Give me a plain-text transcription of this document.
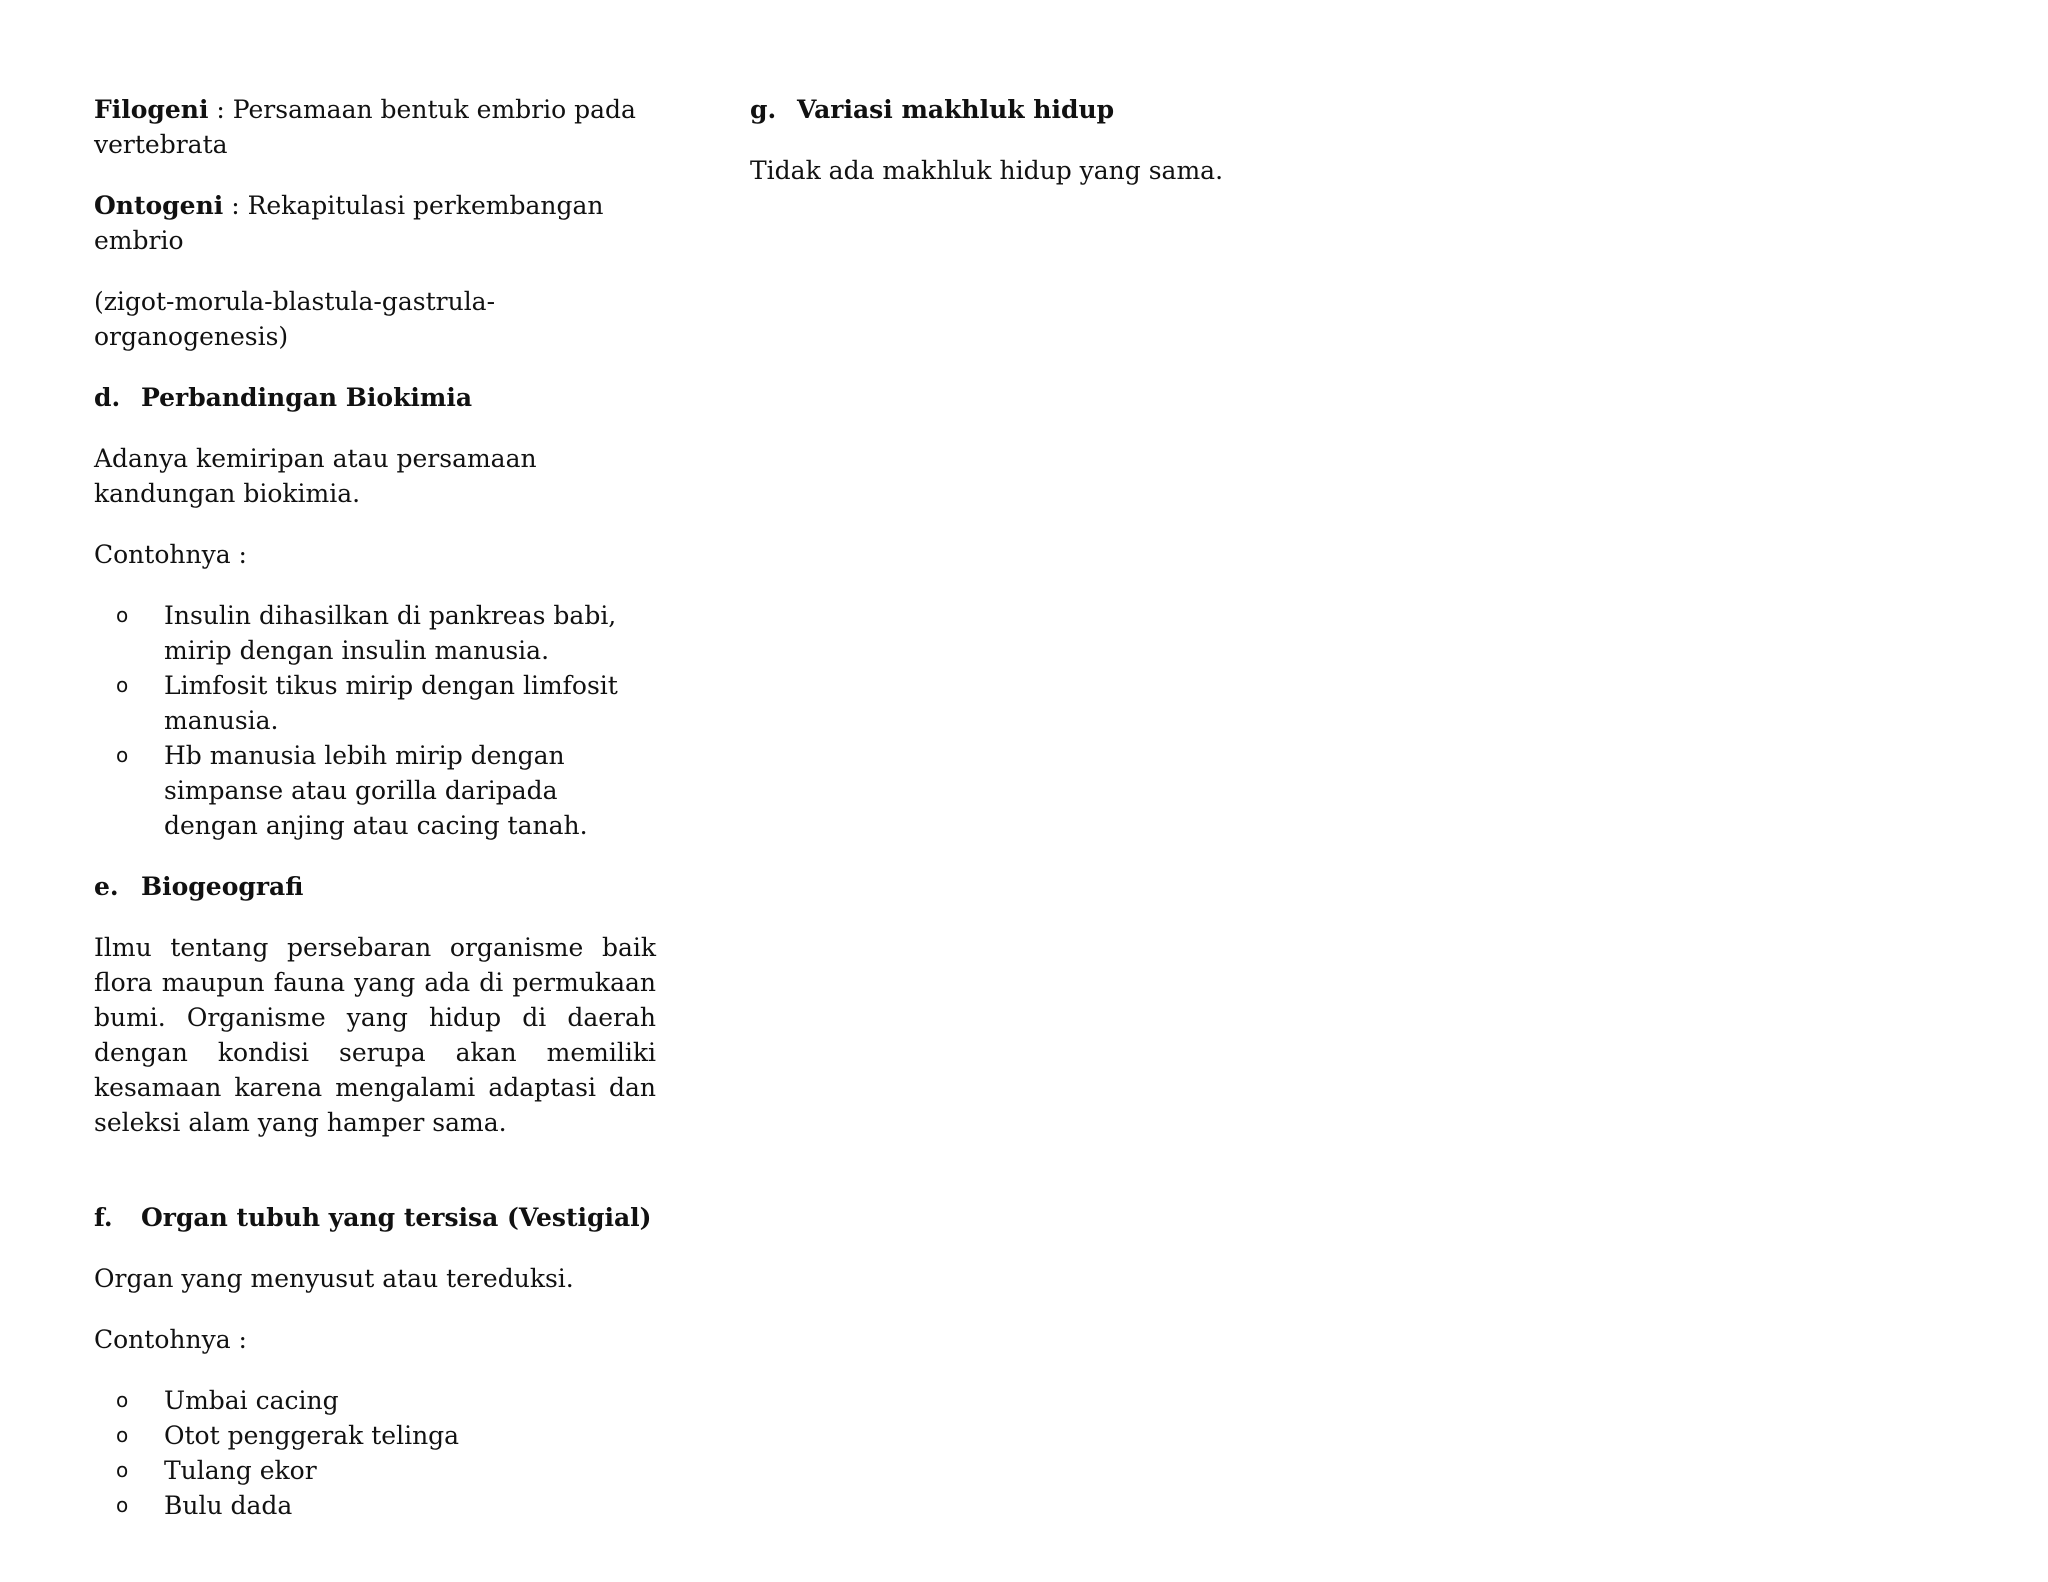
Filogeni : Persamaan bentuk embrio pada vertebrata

Ontogeni : Rekapitulasi perkembangan embrio

(zigot-morula-blastula-gastrula-organogenesis)

d. Perbandingan Biokimia

Adanya kemiripan atau persamaan kandungan biokimia.

Contohnya :

o Insulin dihasilkan di pankreas babi, mirip dengan insulin manusia.
o Limfosit tikus mirip dengan limfosit manusia.
o Hb manusia lebih mirip dengan simpanse atau gorilla daripada dengan anjing atau cacing tanah.
e. Biogeografi

Ilmu tentang persebaran organisme baik flora maupun fauna yang ada di permukaan bumi. Organisme yang hidup di daerah dengan kondisi serupa akan memiliki kesamaan karena mengalami adaptasi dan seleksi alam yang hamper sama.

f.	Organ tubuh yang tersisa (Vestigial)

Organ yang menyusut atau tereduksi.

Contohnya :

o Umbai cacing
o Otot penggerak telinga
o Tulang ekor
o Bulu dada
g. Variasi makhluk hidup

Tidak ada makhluk hidup yang sama.
